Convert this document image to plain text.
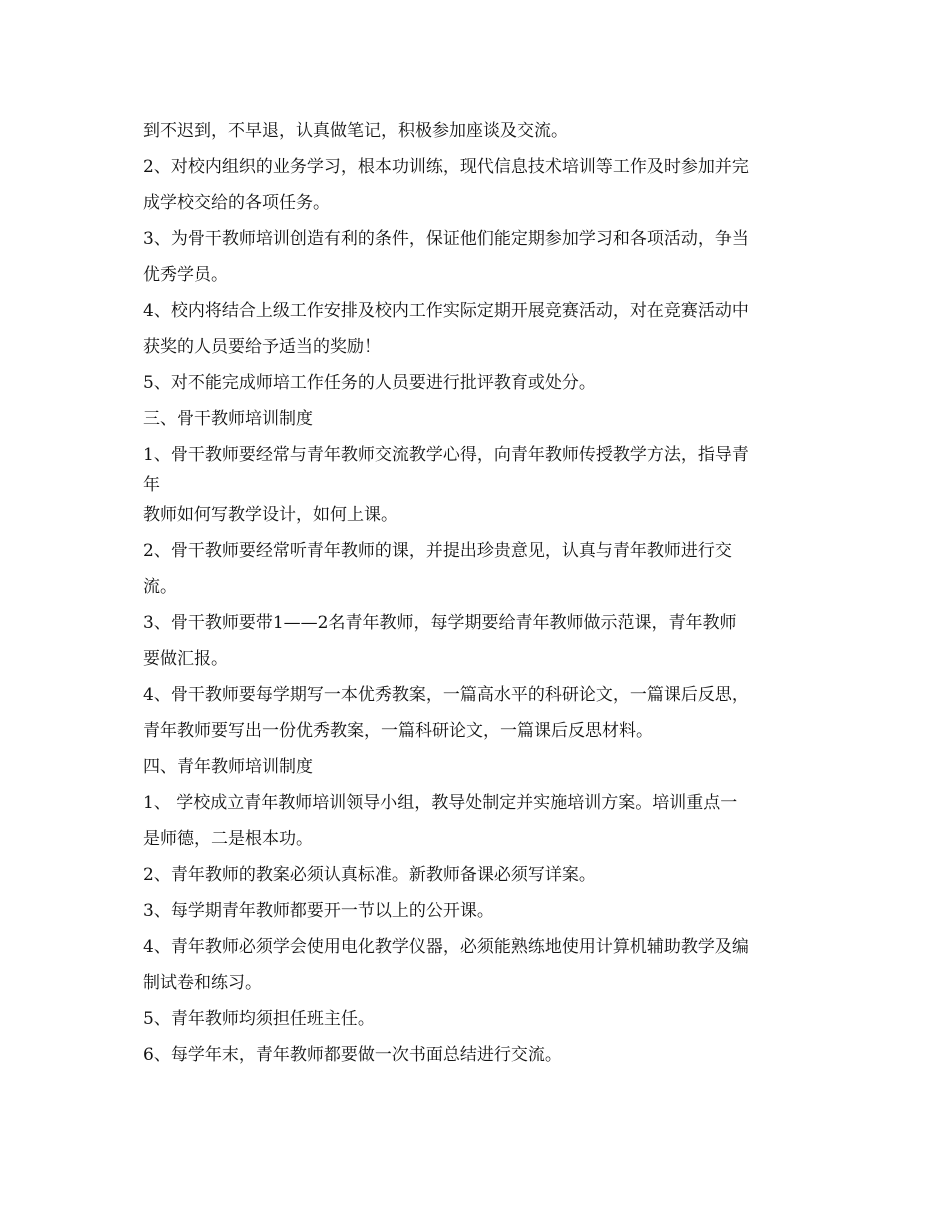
到不迟到，不早退，认真做笔记，积极参加座谈及交流。
2、对校内组织的业务学习，根本功训练，现代信息技术培训等工作及时参加并完
成学校交给的各项任务。
3、为骨干教师培训创造有利的条件，保证他们能定期参加学习和各项活动，争当
优秀学员。
4、校内将结合上级工作安排及校内工作实际定期开展竞赛活动，对在竞赛活动中
获奖的人员要给予适当的奖励！
5、对不能完成师培工作任务的人员要进行批评教育或处分。
三、骨干教师培训制度
1、骨干教师要经常与青年教师交流教学心得，向青年教师传授教学方法，指导青
年
教师如何写教学设计，如何上课。
2、骨干教师要经常听青年教师的课，并提出珍贵意见，认真与青年教师进行交
流。
3、骨干教师要带1——2名青年教师，每学期要给青年教师做示范课，青年教师
要做汇报。
4、骨干教师要每学期写一本优秀教案，一篇高水平的科研论文，一篇课后反思，
青年教师要写出一份优秀教案，一篇科研论文，一篇课后反思材料。
四、青年教师培训制度
1、 学校成立青年教师培训领导小组，教导处制定并实施培训方案。培训重点一
是师德，二是根本功。
2、青年教师的教案必须认真标准。新教师备课必须写详案。
3、每学期青年教师都要开一节以上的公开课。
4、青年教师必须学会使用电化教学仪器，必须能熟练地使用计算机辅助教学及编
制试卷和练习。
5、青年教师均须担任班主任。
6、每学年末，青年教师都要做一次书面总结进行交流。
